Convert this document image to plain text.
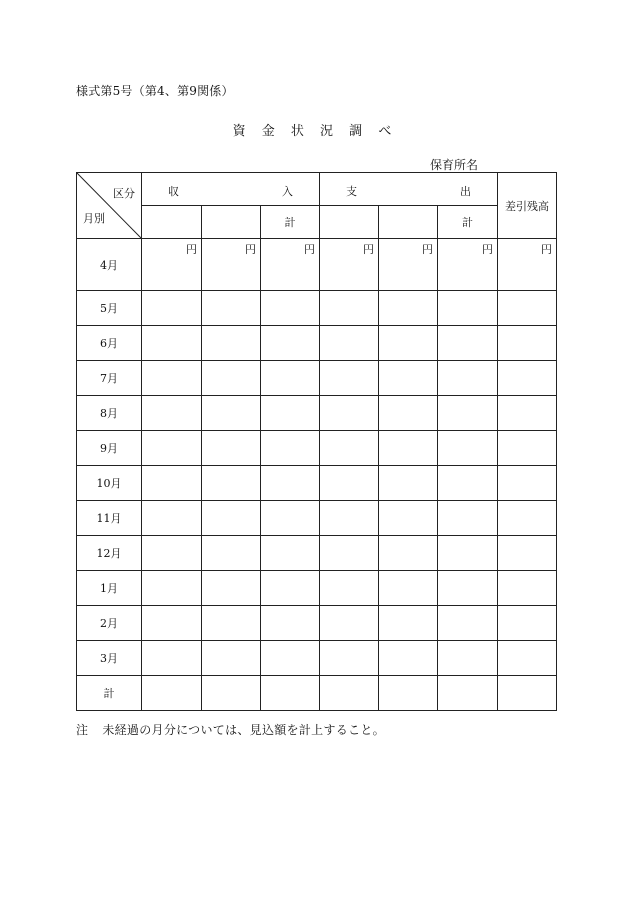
様式第5号（第4、第9関係）
資 金 状 況 調 べ
保育所名
区分
月別	収 入			支 出			差引残高
			計			計	
4月	円	円	円	円	円	円	円

5月							
6月							
7月							
8月							
9月							
10月							
11月							
12月							
1月							
2月							
3月							
計							
注 未経過の月分については、見込額を計上すること。
